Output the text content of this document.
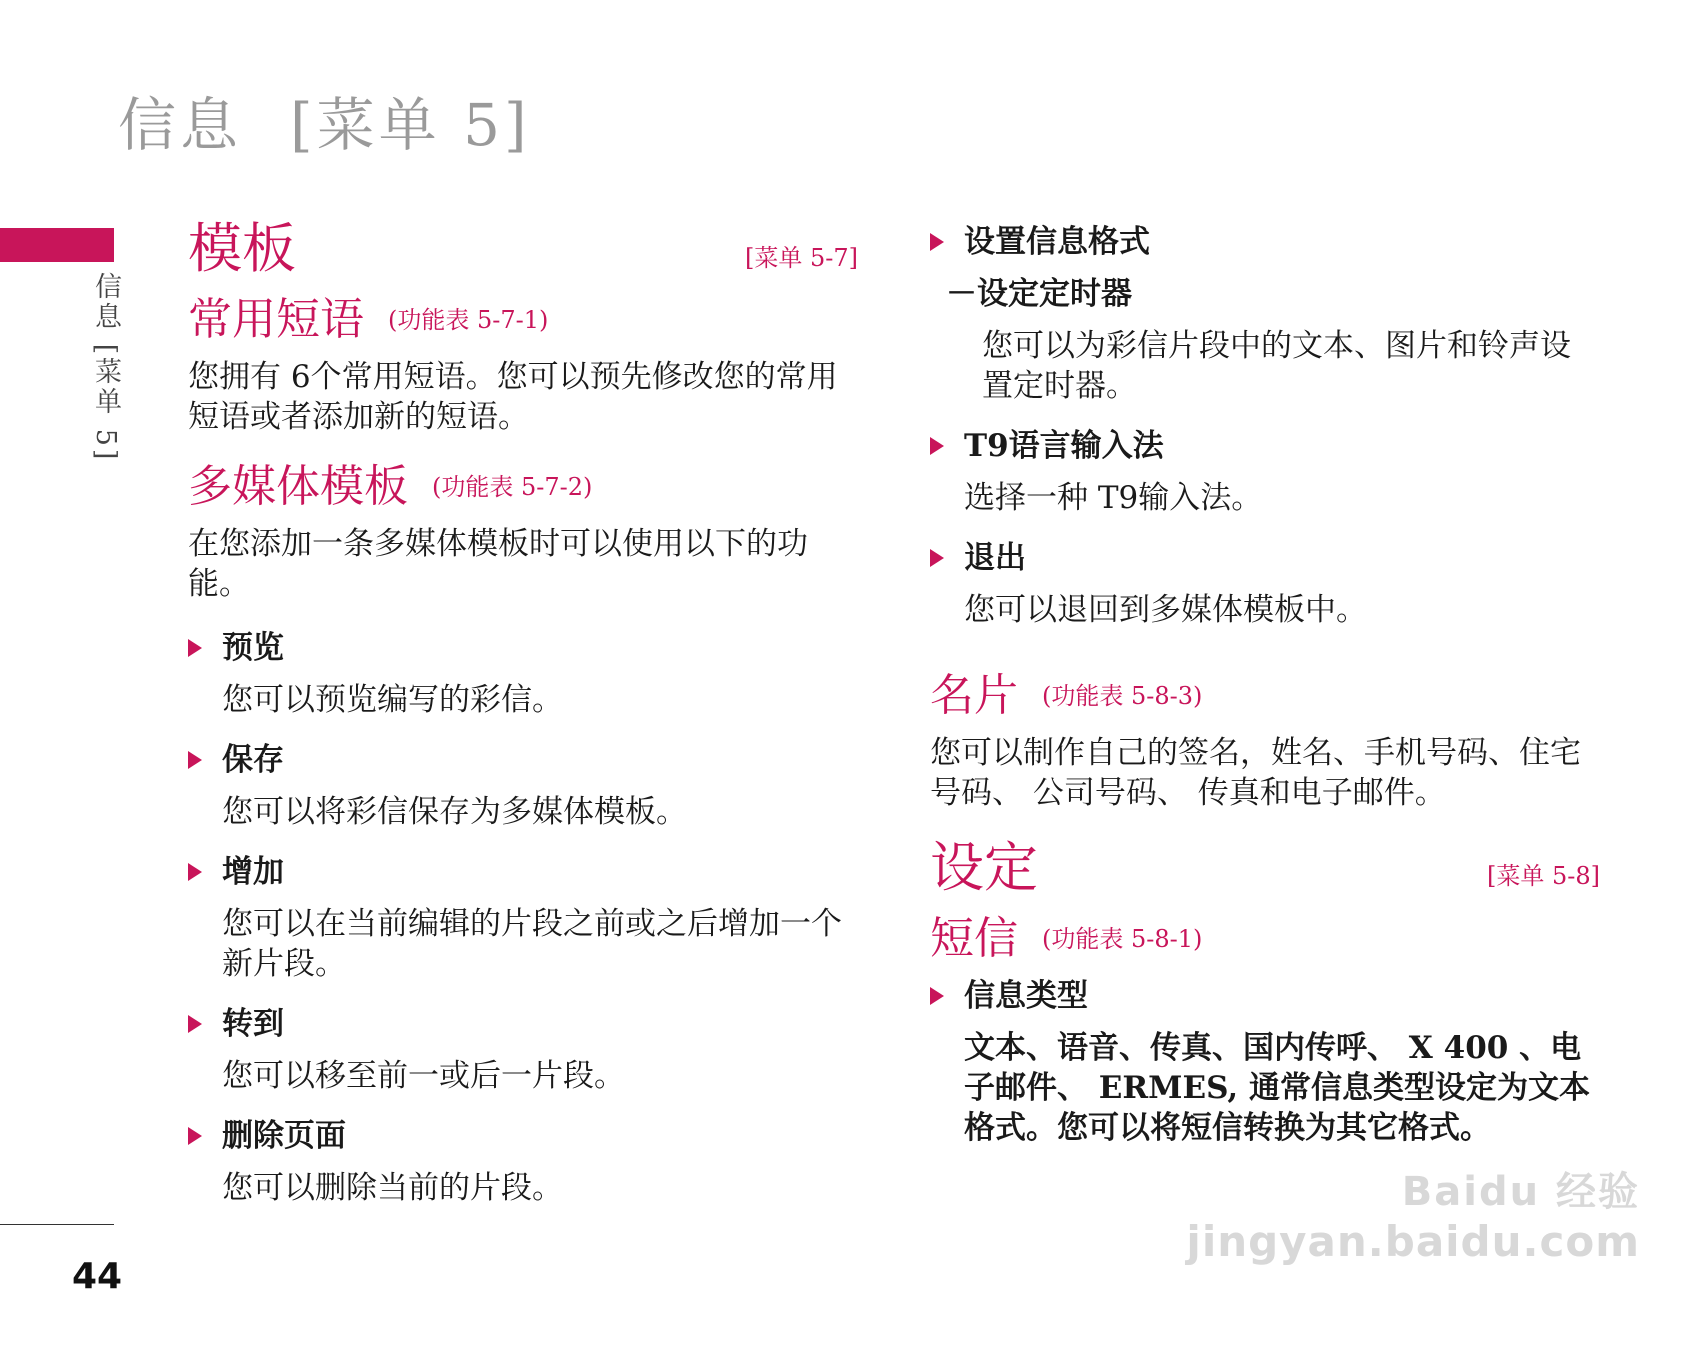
信息 [菜单 5]
信息 [菜单 5]
44
模板	[菜单 5-7]
常用短语 (功能表 5-7-1)
您拥有 6个常用短语。您可以预先修改您的常用短语或者添加新的短语。
多媒体模板 (功能表 5-7-2)
在您添加一条多媒体模板时可以使用以下的功能。
预览
您可以预览编写的彩信。
保存
您可以将彩信保存为多媒体模板。
增加
您可以在当前编辑的片段之前或之后增加一个新片段。
转到
您可以移至前一或后一片段。
删除页面
您可以删除当前的片段。
设置信息格式
－设定定时器
您可以为彩信片段中的文本、图片和铃声设置定时器。
T9语言输入法
选择一种 T9输入法。
退出
您可以退回到多媒体模板中。
名片 (功能表 5-8-3)
您可以制作自己的签名，姓名、手机号码、住宅号码、 公司号码、 传真和电子邮件。
设定	[菜单 5-8]
短信 (功能表 5-8-1)
信息类型
文本、语音、传真、国内传呼、 X 400 、电子邮件、 ERMES, 通常信息类型设定为文本格式。您可以将短信转换为其它格式。
Baidu 经验
jingyan.baidu.com
